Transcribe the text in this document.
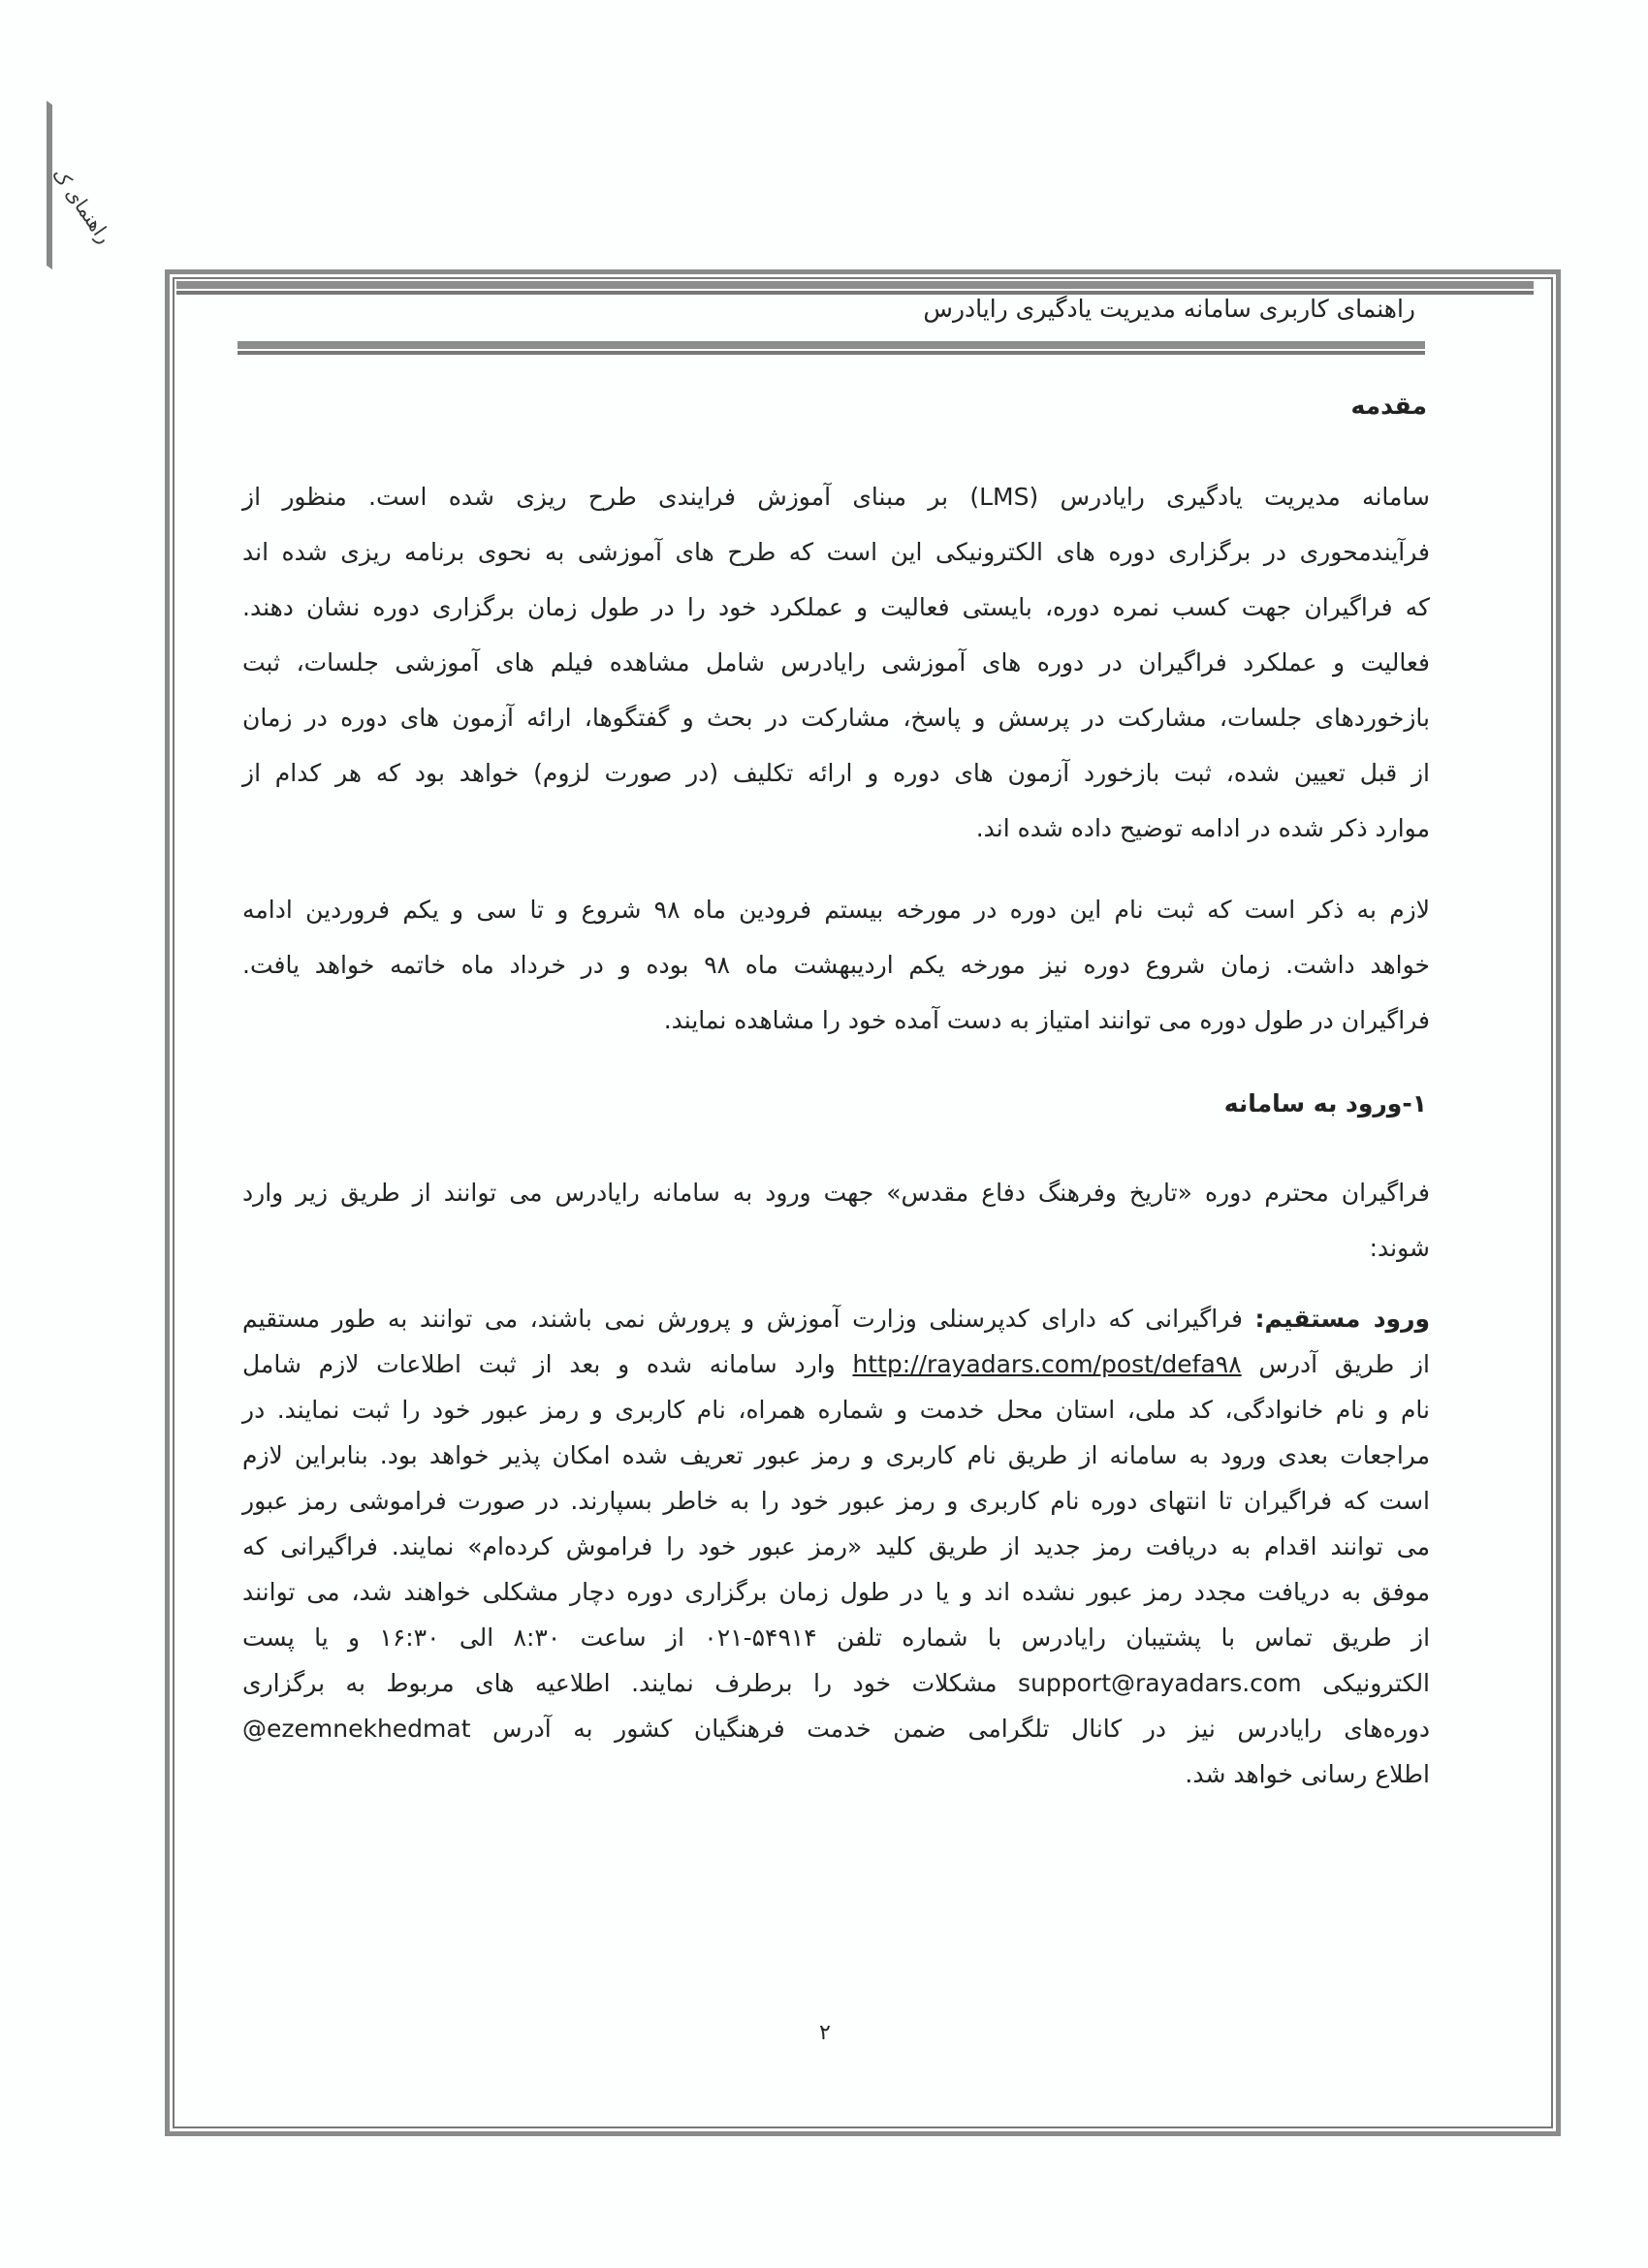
راهنمای ک
راهنمای کاربری سامانه مدیریت یادگیری رایادرس
مقدمه
سامانه مدیریت یادگیری رایادرس (LMS) بر مبنای آموزش فرایندی طرح ریزی شده است. منظور از
فرآیندمحوری در برگزاری دوره های الکترونیکی این است که طرح های آموزشی به نحوی برنامه ریزی شده اند
که فراگیران جهت کسب نمره دوره، بایستی فعالیت و عملکرد خود را در طول زمان برگزاری دوره نشان دهند.
فعالیت و عملکرد فراگیران در دوره های آموزشی رایادرس شامل مشاهده فیلم های آموزشی جلسات، ثبت
بازخوردهای جلسات، مشارکت در پرسش و پاسخ، مشارکت در بحث و گفتگوها، ارائه آزمون های دوره در زمان
از قبل تعیین شده، ثبت بازخورد آزمون های دوره و ارائه تکلیف (در صورت لزوم) خواهد بود که هر کدام از
موارد ذکر شده در ادامه توضیح داده شده اند.
لازم به ذکر است که ثبت نام این دوره در مورخه بیستم فرودین ماه ۹۸ شروع و تا سی و یکم فروردین ادامه
خواهد داشت. زمان شروع دوره نیز مورخه یکم اردیبهشت ماه ۹۸ بوده و در خرداد ماه خاتمه خواهد یافت.
فراگیران در طول دوره می توانند امتیاز به دست آمده خود را مشاهده نمایند.
۱-ورود به سامانه
فراگیران محترم دوره «تاریخ وفرهنگ دفاع مقدس» جهت ورود به سامانه رایادرس می توانند از طریق زیر وارد
شوند:
ورود مستقیم: فراگیرانی که دارای کدپرسنلی وزارت آموزش و پرورش نمی باشند، می توانند به طور مستقیم
از طریق آدرس http://rayadars.com/post/defa۹۸ وارد سامانه شده و بعد از ثبت اطلاعات لازم شامل
نام و نام خانوادگی، کد ملی، استان محل خدمت و شماره همراه، نام کاربری و رمز عبور خود را ثبت نمایند. در
مراجعات بعدی ورود به سامانه از طریق نام کاربری و رمز عبور تعریف شده امکان پذیر خواهد بود. بنابراین لازم
است که فراگیران تا انتهای دوره نام کاربری و رمز عبور خود را به خاطر بسپارند. در صورت فراموشی رمز عبور
می توانند اقدام به دریافت رمز جدید از طریق کلید «رمز عبور خود را فراموش کرده‌ام» نمایند. فراگیرانی که
موفق به دریافت مجدد رمز عبور نشده اند و یا در طول زمان برگزاری دوره دچار مشکلی خواهند شد، می توانند
از طریق تماس با پشتیبان رایادرس با شماره تلفن ۵۴۹۱۴-۰۲۱ از ساعت ۸:۳۰ الی ۱۶:۳۰ و یا پست
الکترونیکی support@rayadars.com مشکلات خود را برطرف نمایند. اطلاعیه های مربوط به برگزاری
دوره‌های رایادرس نیز در کانال تلگرامی ضمن خدمت فرهنگیان کشور به آدرس ezemnekhedmat@
اطلاع رسانی خواهد شد.
۲
